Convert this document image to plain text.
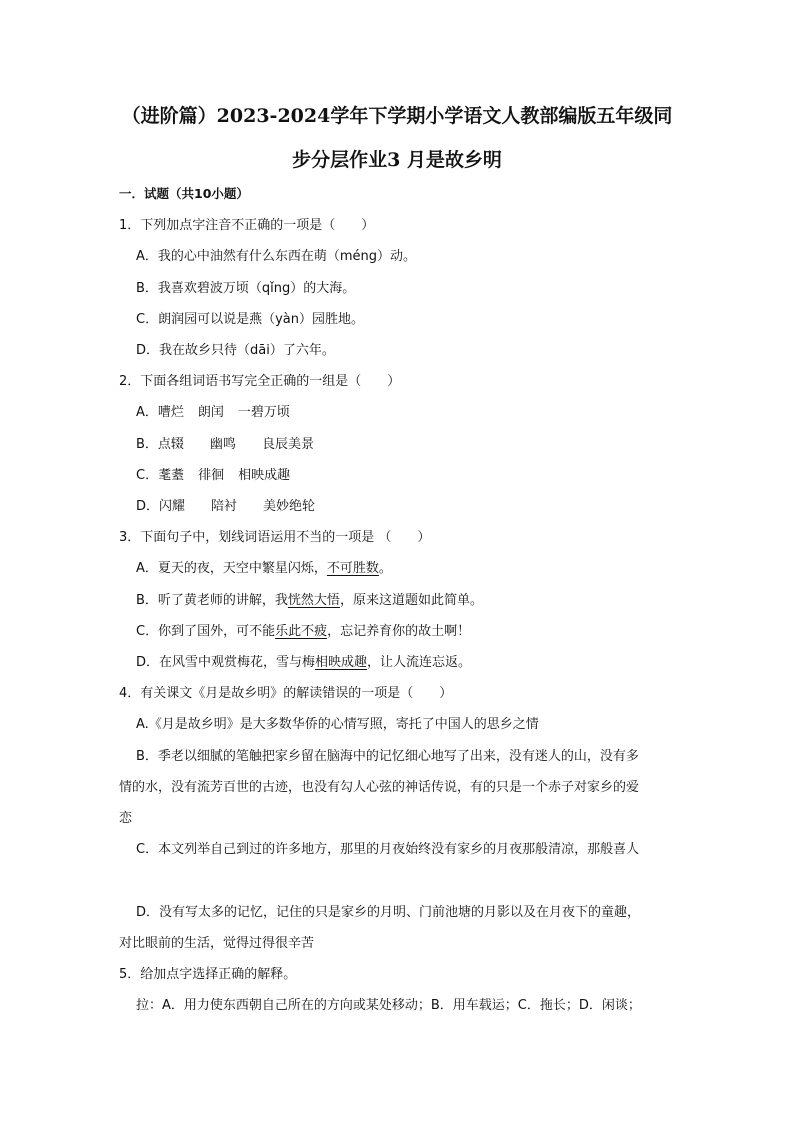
（进阶篇）2023-2024学年下学期小学语文人教部编版五年级同
步分层作业3 月是故乡明
一．试题（共10小题）
1．下列加点字注音不正确的一项是（　　）
A．我的心中油然有什么东西在萌（méng）动。
B．我喜欢碧波万顷（qǐng）的大海。
C．朗润园可以说是燕（yàn）园胜地。
D．我在故乡只待（dāi）了六年。
2．下面各组词语书写完全正确的一组是（　　）
A．嘈烂 朗闰 一碧万顷
B．点辍 幽鸣 良辰美景
C．耄耋 徘徊 相映成趣
D．闪耀 陪衬 美妙绝轮
3．下面句子中，划线词语运用不当的一项是 （　　）
A．夏天的夜，天空中繁星闪烁，不可胜数。
B．听了黄老师的讲解，我恍然大悟，原来这道题如此简单。
C．你到了国外，可不能乐此不疲，忘记养育你的故土啊！
D．在风雪中观赏梅花，雪与梅相映成趣，让人流连忘返。
4．有关课文《月是故乡明》的解读错误的一项是（　　）
A.《月是故乡明》是大多数华侨的心情写照，寄托了中国人的思乡之情
B．季老以细腻的笔触把家乡留在脑海中的记忆细心地写了出来，没有迷人的山，没有多
情的水，没有流芳百世的古迹，也没有勾人心弦的神话传说，有的只是一个赤子对家乡的爱
恋
C．本文列举自己到过的许多地方，那里的月夜始终没有家乡的月夜那般清凉，那般喜人
D．没有写太多的记忆，记住的只是家乡的月明、门前池塘的月影以及在月夜下的童趣，
对比眼前的生活，觉得过得很辛苦
5．给加点字选择正确的解释。
拉：A．用力使东西朝自己所在的方向或某处移动；B．用车载运；C．拖长；D．闲谈；
